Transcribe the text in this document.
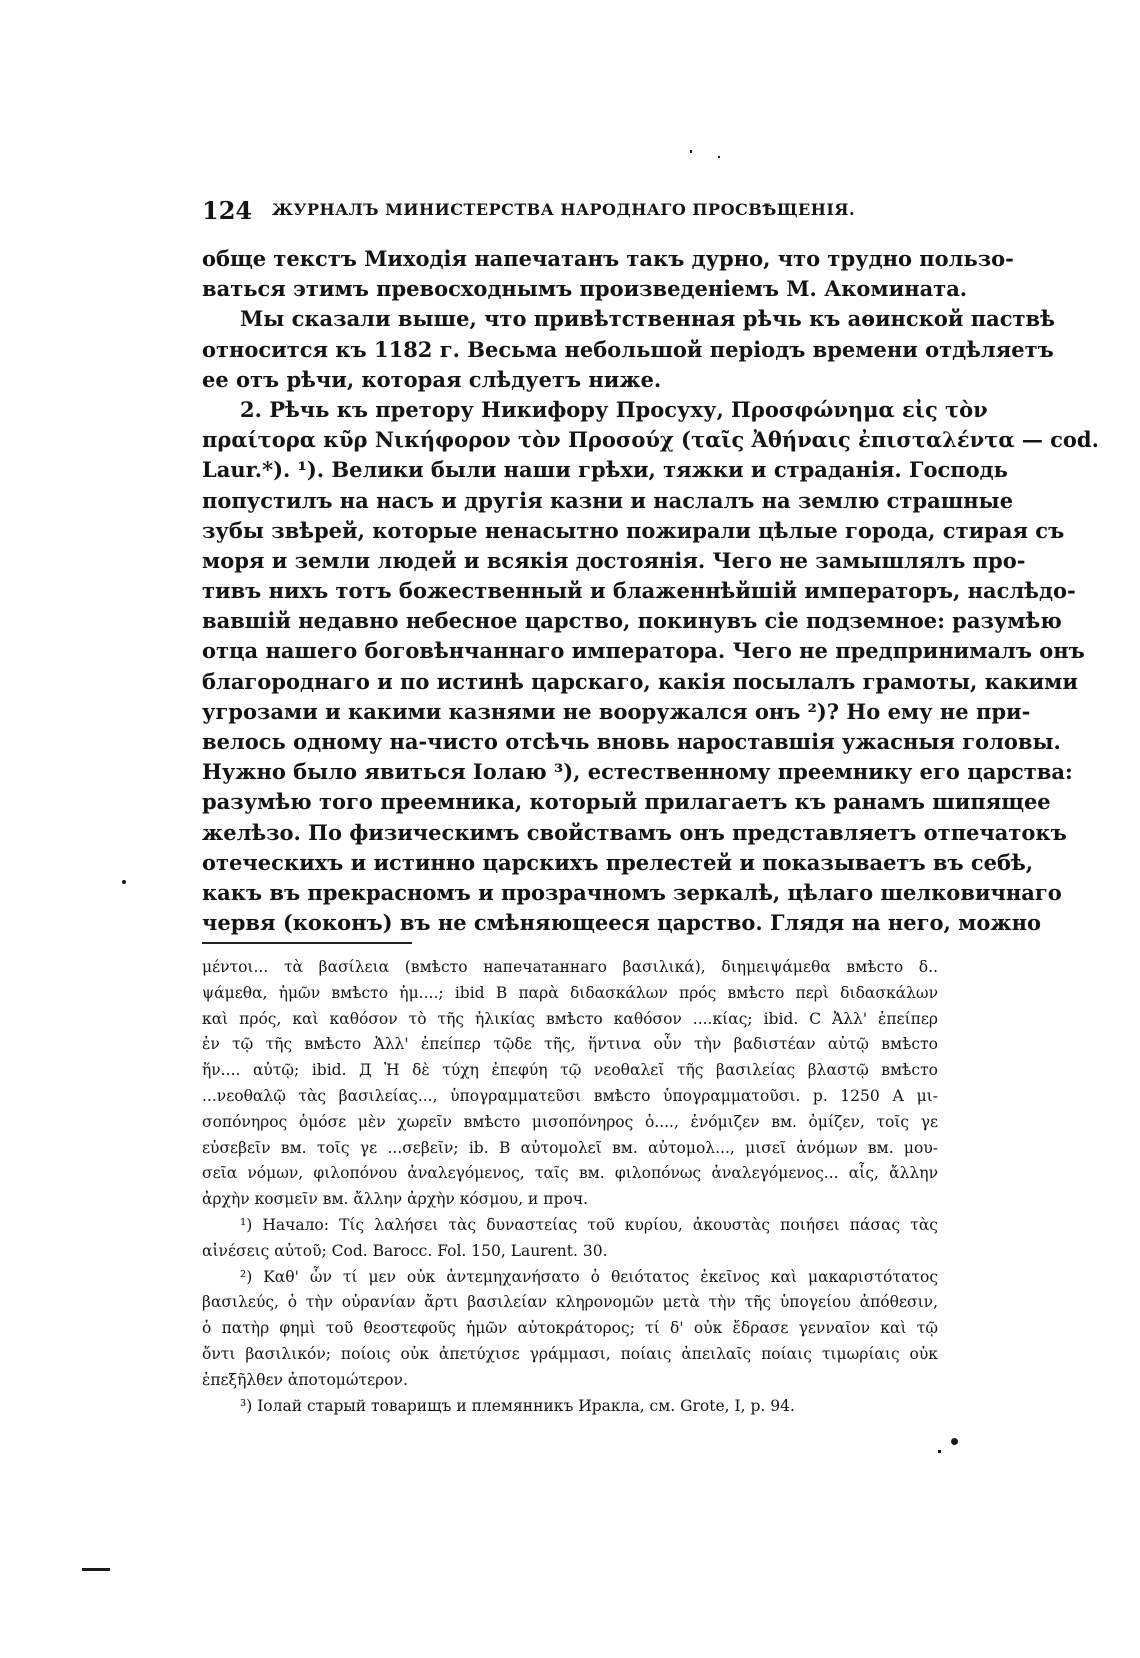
124 ЖУРНАЛЪ МИНИСТЕРСТВА НАРОДНАГО ПРОСВѢЩЕНІЯ.
обще текстъ Миходія напечатанъ такъ дурно, что трудно пользо-
ваться этимъ превосходнымъ произведеніемъ М. Акомината.
Мы сказали выше, что привѣтственная рѣчь къ аѳинской паствѣ
относится къ 1182 г. Весьма небольшой періодъ времени отдѣляетъ
ее отъ рѣчи, которая слѣдуетъ ниже.
2. Рѣчь къ претору Никифору Просуху, Προσφώνημα εἰς τὸν
πραίτορα κῦρ Νικήφορον τὸν Προσούχ (ταῖς Ἀθήναις ἐπισταλέντα — cod.
Laur.*). ¹). Велики были наши грѣхи, тяжки и страданія. Господь
попустилъ на насъ и другія казни и наслалъ на землю страшные
зубы звѣрей, которые ненасытно пожирали цѣлые города, стирая съ
моря и земли людей и всякія достоянія. Чего не замышлялъ про-
тивъ нихъ тотъ божественный и блаженнѣйшій императоръ, наслѣдо-
вавшій недавно небесное царство, покинувъ сіе подземное: разумѣю
отца нашего боговѣнчаннаго императора. Чего не предпринималъ онъ
благороднаго и по истинѣ царскаго, какія посылалъ грамоты, какими
угрозами и какими казнями не вооружался онъ ²)? Но ему не при-
велось одному на-чисто отсѣчь вновь нароставшія ужасныя головы.
Нужно было явиться Іолаю ³), естественному преемнику его царства:
разумѣю того преемника, который прилагаетъ къ ранамъ шипящее
желѣзо. По физическимъ свойствамъ онъ представляетъ отпечатокъ
отеческихъ и истинно царскихъ прелестей и показываетъ въ себѣ,
какъ въ прекрасномъ и прозрачномъ зеркалѣ, цѣлаго шелковичнаго
червя (коконъ) въ не смѣняющееся царство. Глядя на него, можно
μέντοι... τὰ βασίλεια (вмѣсто напечатаннаго βασιλικά), διημειψάμεθα вмѣсто δ..
ψάμεθα, ἡμῶν вмѣсто ἡμ....; ibid В παρὰ διδασκάλων πρός вмѣсто περὶ διδασκάλων
καὶ πρός, καὶ καθόσον τὸ τῆς ἡλικίας вмѣсто καθόσον ....κίας; ibid. С Ἀλλ' ἐπείπερ
ἐν τῷ τῆς вмѣсто Ἀλλ' ἐπείπερ τῷδε τῆς, ἥντινα οὖν τὴν βαδιστέαν αὐτῷ вмѣсто
ἥν.... αὐτῷ; ibid. Д Ἡ δὲ τύχη ἐπεφύη τῷ νεοθαλεῖ τῆς βασιλείας βλαστῷ вмѣсто
...νεοθαλῷ τὰς βασιλείας..., ὑπογραμματεῦσι вмѣсто ὑπογραμματοῦσι. р. 1250 А μι-
σοπόνηρος ὁμόσε μὲν χωρεῖν вмѣсто μισοπόνηρος ὁ...., ἐνόμιζεν вм. ὀμίζεν, τοῖς γε
εὐσεβεῖν вм. τοῖς γε ...σεβεῖν; ib. В αὐτομολεῖ вм. αὐτομολ..., μισεῖ ἀνόμων вм. μου-
σεῖα νόμων, φιλοπόνου ἀναλεγόμενος, ταῖς вм. φιλοπόνως ἀναλεγόμενος... αἷς, ἄλλην
ἀρχὴν κοσμεῖν вм. ἄλλην ἀρχὴν κόσμου, и проч.
¹) Начало: Τίς λαλήσει τὰς δυναστείας τοῦ κυρίου, ἀκουστὰς ποιήσει πάσας τὰς
αἰνέσεις αὐτοῦ; Cod. Barocc. Fol. 150, Laurent. 30.
²) Καθ' ὧν τί μεν οὐκ ἀντεμηχανήσατο ὁ θειότατος ἐκεῖνος καὶ μακαριστότατος
βασιλεύς, ὁ τὴν οὐρανίαν ἄρτι βασιλείαν κληρονομῶν μετὰ τὴν τῆς ὑπογείου ἀπόθεσιν,
ὁ πατὴρ φημὶ τοῦ θεοστεφοῦς ἡμῶν αὐτοκράτορος; τί δ' οὐκ ἔδρασε γενναῖον καὶ τῷ
ὄντι βασιλικόν; ποίοις οὐκ ἀπετύχισε γράμμασι, ποίαις ἀπειλαῖς ποίαις τιμωρίαις οὐκ
ἐπεξῆλθεν ἀποτομώτερον.
³) Іолай старый товарищъ и племянникъ Иракла, см. Grote, I, p. 94.
